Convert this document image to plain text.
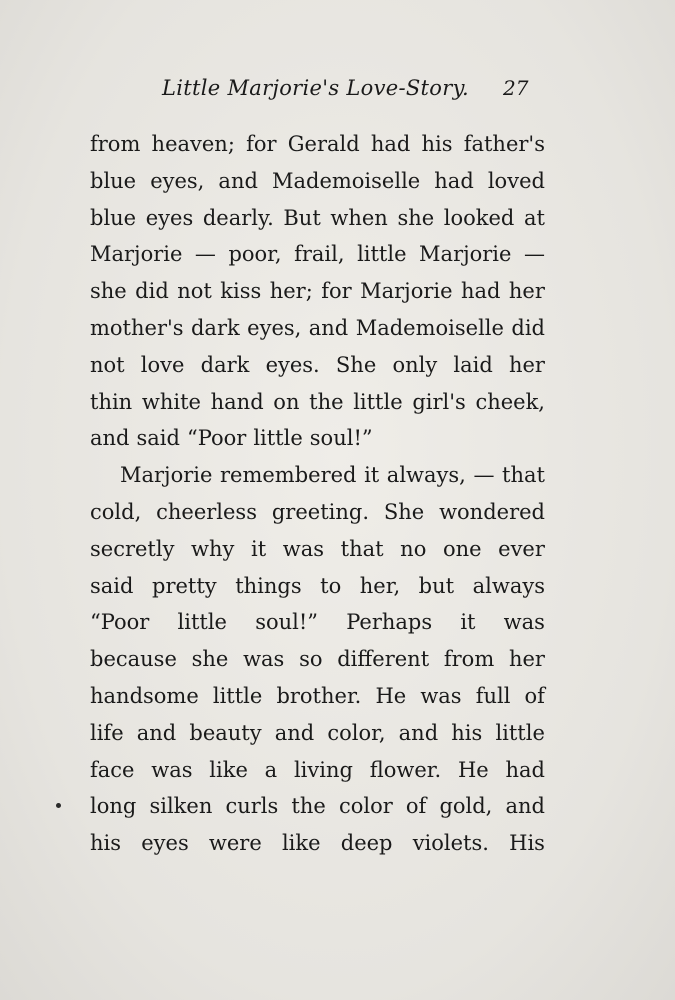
Little Marjorie's Love-Story. 27
from heaven; for Gerald had his father's
blue eyes, and Mademoiselle had loved
blue eyes dearly. But when she looked at
Marjorie — poor, frail, little Marjorie —
she did not kiss her; for Marjorie had her
mother's dark eyes, and Mademoiselle did
not love dark eyes. She only laid her
thin white hand on the little girl's cheek,
and said “Poor little soul!”
Marjorie remembered it always, — that
cold, cheerless greeting. She wondered
secretly why it was that no one ever
said pretty things to her, but always
“Poor little soul!” Perhaps it was
because she was so different from her
handsome little brother. He was full of
life and beauty and color, and his little
face was like a living flower. He had
long silken curls the color of gold, and
his eyes were like deep violets. His
